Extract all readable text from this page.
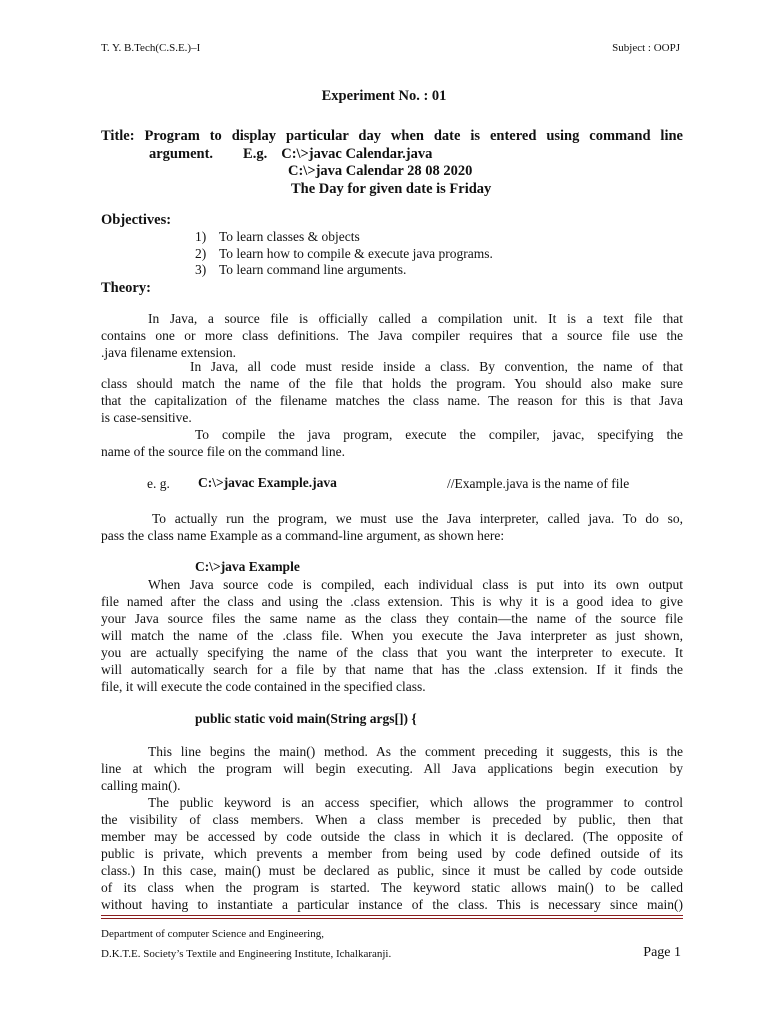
T. Y. B.Tech(C.S.E.)–I	Subject : OOPJ
Experiment No. : 01
Title: Program to display particular day when date is entered using command line
argument. E.g. C:\>javac Calendar.java
C:\>java Calendar 28 08 2020
The Day for given date is Friday
Objectives:
1) To learn classes & objects
2) To learn how to compile & execute java programs.
3) To learn command line arguments.
Theory:
In Java, a source file is officially called a compilation unit. It is a text file that
contains one or more class definitions. The Java compiler requires that a source file use the
.java filename extension.
In Java, all code must reside inside a class. By convention, the name of that
class should match the name of the file that holds the program. You should also make sure
that the capitalization of the filename matches the class name. The reason for this is that Java
is case-sensitive.
To compile the java program, execute the compiler, javac, specifying the
name of the source file on the command line.
e. g. C:\>javac Example.java	//Example.java is the name of file
To actually run the program, we must use the Java interpreter, called java. To do so,
pass the class name Example as a command-line argument, as shown here:
C:\>java Example
When Java source code is compiled, each individual class is put into its own output
file named after the class and using the .class extension. This is why it is a good idea to give
your Java source files the same name as the class they contain—the name of the source file
will match the name of the .class file. When you execute the Java interpreter as just shown,
you are actually specifying the name of the class that you want the interpreter to execute. It
will automatically search for a file by that name that has the .class extension. If it finds the
file, it will execute the code contained in the specified class.
public static void main(String args[]) {
This line begins the main() method. As the comment preceding it suggests, this is the
line at which the program will begin executing. All Java applications begin execution by
calling main().
The public keyword is an access specifier, which allows the programmer to control
the visibility of class members. When a class member is preceded by public, then that
member may be accessed by code outside the class in which it is declared. (The opposite of
public is private, which prevents a member from being used by code defined outside of its
class.) In this case, main() must be declared as public, since it must be called by code outside
of its class when the program is started. The keyword static allows main() to be called
without having to instantiate a particular instance of the class. This is necessary since main()
Department of computer Science and Engineering,
D.K.T.E. Society’s Textile and Engineering Institute, Ichalkaranji.	Page 1
